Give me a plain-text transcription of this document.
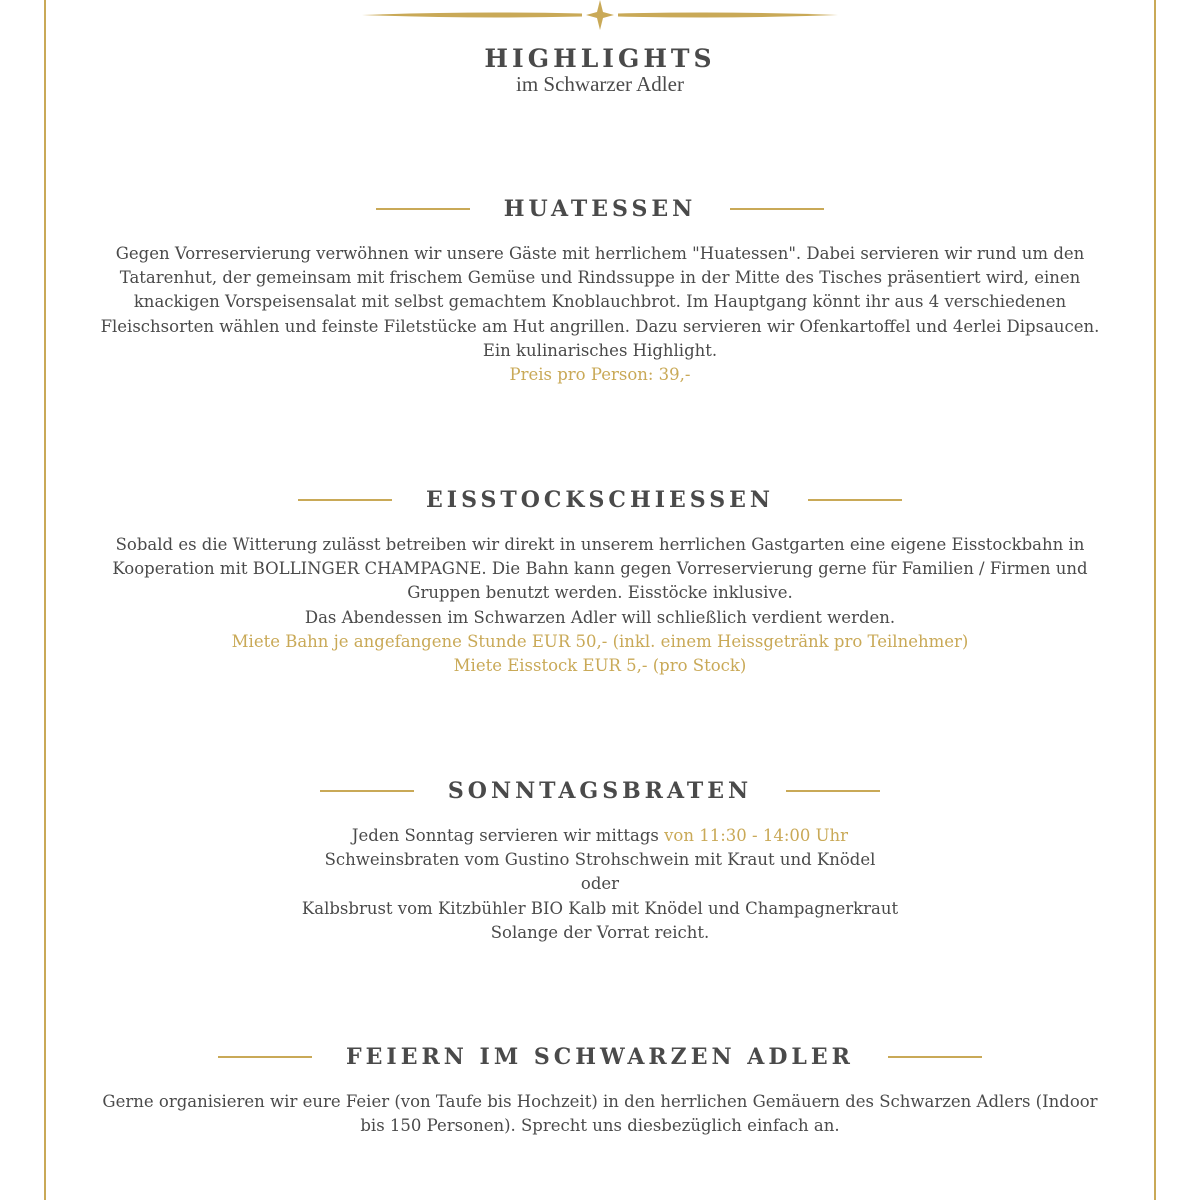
HIGHLIGHTS
im Schwarzer Adler
HUATESSEN

Gegen Vorreservierung verwöhnen wir unsere Gäste mit herrlichem "Huatessen". Dabei servieren wir rund um den Tatarenhut, der gemeinsam mit frischem Gemüse und Rindssuppe in der Mitte des Tisches präsentiert wird, einen knackigen Vorspeisensalat mit selbst gemachtem Knoblauchbrot. Im Hauptgang könnt ihr aus 4 verschiedenen Fleischsorten wählen und feinste Filetstücke am Hut angrillen. Dazu servieren wir Ofenkartoffel und 4erlei Dipsaucen. Ein kulinarisches Highlight.

Preis pro Person: 39,-

EISSTOCKSCHIESSEN

Sobald es die Witterung zulässt betreiben wir direkt in unserem herrlichen Gastgarten eine eigene Eisstockbahn in Kooperation mit BOLLINGER CHAMPAGNE. Die Bahn kann gegen Vorreservierung gerne für Familien / Firmen und Gruppen benutzt werden. Eisstöcke inklusive.

Das Abendessen im Schwarzen Adler will schließlich verdient werden.

Miete Bahn je angefangene Stunde EUR 50,- (inkl. einem Heissgetränk pro Teilnehmer)

Miete Eisstock EUR 5,- (pro Stock)

SONNTAGSBRATEN

Jeden Sonntag servieren wir mittags von 11:30 - 14:00 Uhr

Schweinsbraten vom Gustino Strohschwein mit Kraut und Knödel

oder

Kalbsbrust vom Kitzbühler BIO Kalb mit Knödel und Champagnerkraut

Solange der Vorrat reicht.

FEIERN IM SCHWARZEN ADLER

Gerne organisieren wir eure Feier (von Taufe bis Hochzeit) in den herrlichen Gemäuern des Schwarzen Adlers (Indoor bis 150 Personen). Sprecht uns diesbezüglich einfach an.
